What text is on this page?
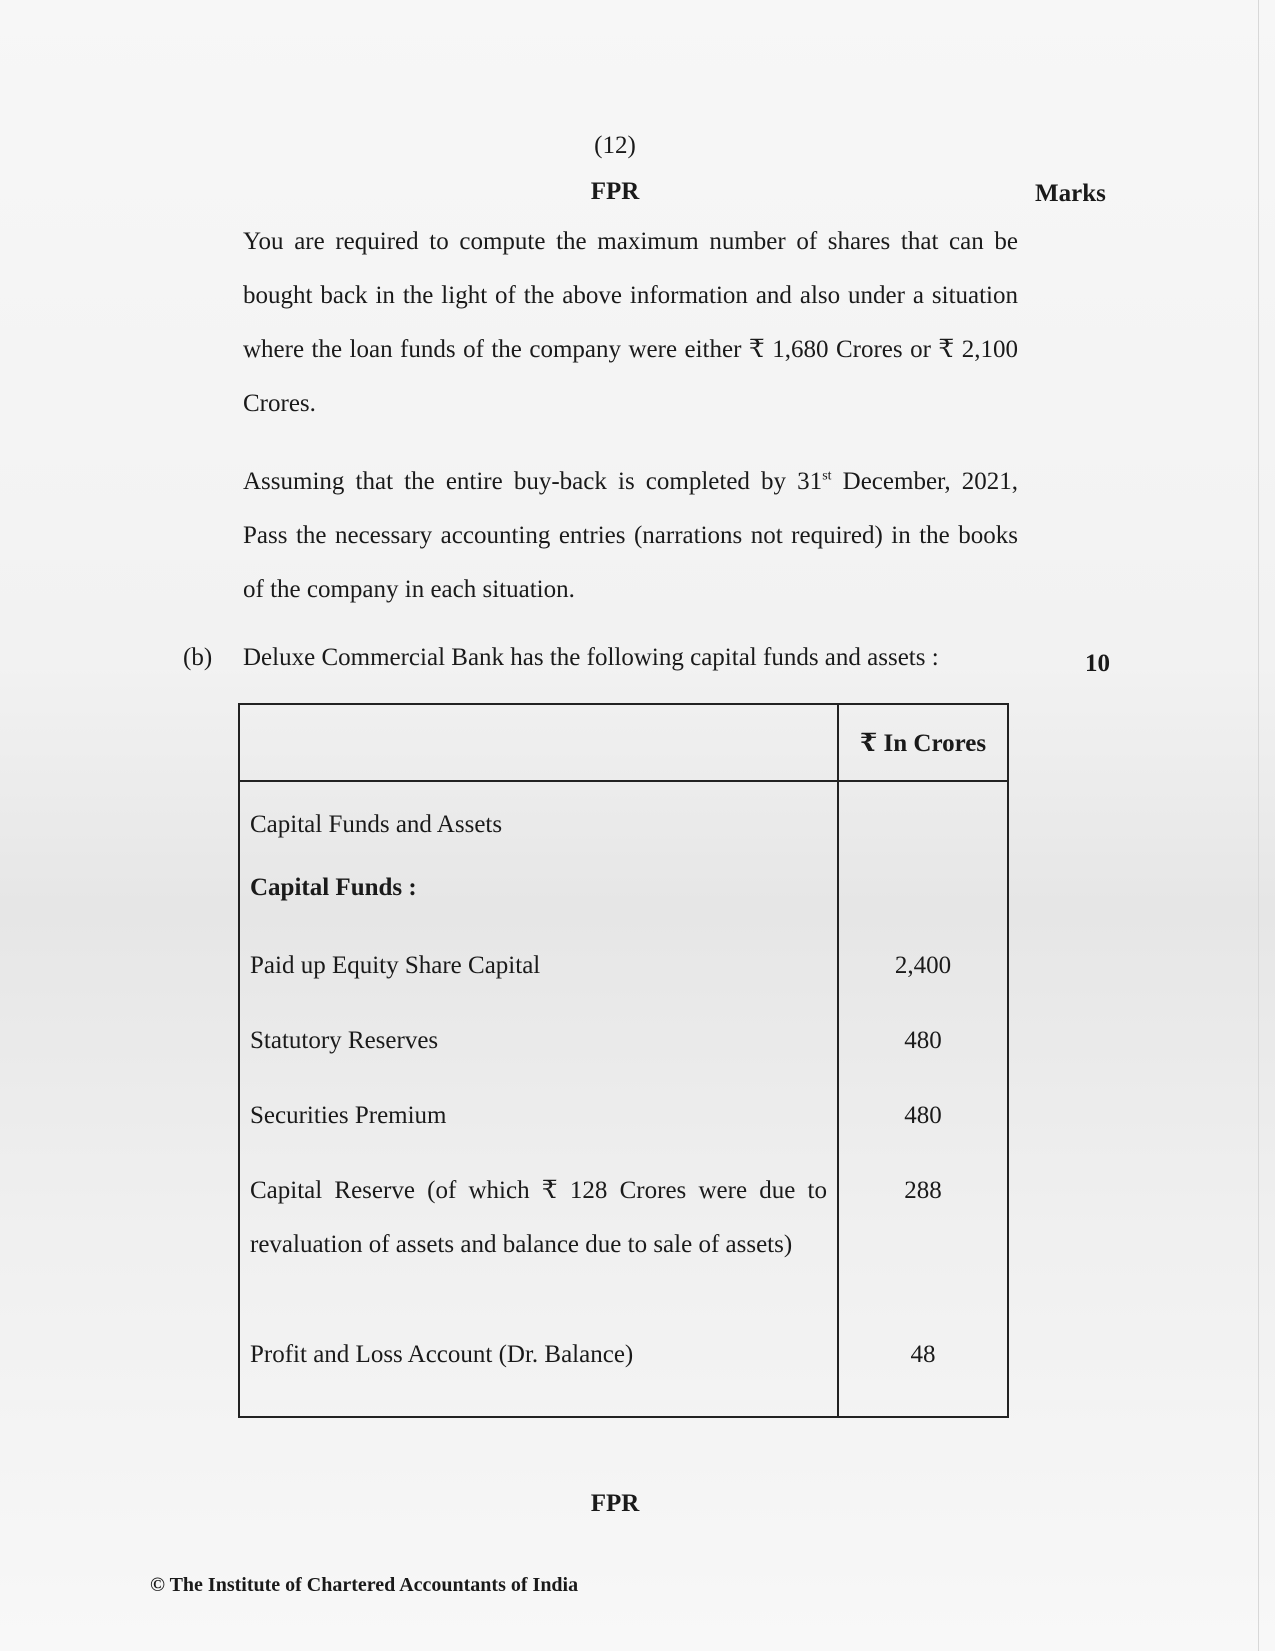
(12)
FPR	Marks
You are required to compute the maximum number of shares that can be bought back in the light of the above information and also under a situation where the loan funds of the company were either ₹ 1,680 Crores or ₹ 2,100 Crores.
Assuming that the entire buy-back is completed by 31st December, 2021, Pass the necessary accounting entries (narrations not required) in the books of the company in each situation.
(b) Deluxe Commercial Bank has the following capital funds and assets :	10
	₹ In Crores
Capital Funds and Assets	
Capital Funds :	
Paid up Equity Share Capital	2,400
Statutory Reserves	480
Securities Premium	480
Capital Reserve (of which ₹ 128 Crores were due to revaluation of assets and balance due to sale of assets)	288
Profit and Loss Account (Dr. Balance)	48
FPR
© The Institute of Chartered Accountants of India
